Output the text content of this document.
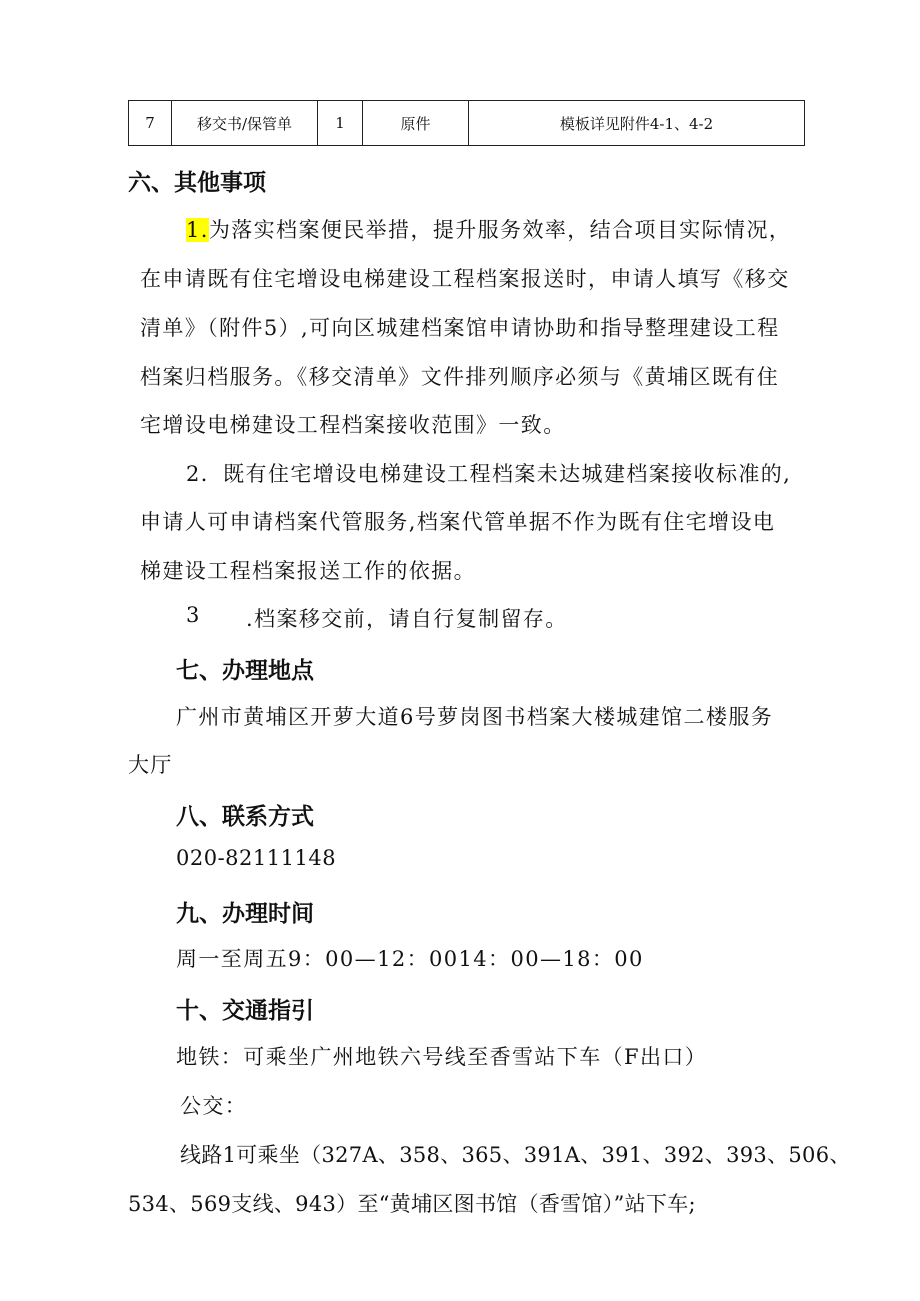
7	移交书/保管单	1	原件	模板详见附件4-1、4-2
六、其他事项

1.为落实档案便民举措，提升服务效率，结合项目实际情况，

在申请既有住宅增设电梯建设工程档案报送时，申请人填写《移交

清单》（附件5）,可向区城建档案馆申请协助和指导整理建设工程

档案归档服务。《移交清单》文件排列顺序必须与《黄埔区既有住

宅增设电梯建设工程档案接收范围》一致。

2．既有住宅增设电梯建设工程档案未达城建档案接收标准的,

申请人可申请档案代管服务,档案代管单据不作为既有住宅增设电

梯建设工程档案报送工作的依据。

3 .档案移交前，请自行复制留存。

七、办理地点

广州市黄埔区开萝大道6号萝岗图书档案大楼城建馆二楼服务

大厅

八、联系方式

020-82111148

九、办理时间

周一至周五9：00—12：0014：00—18：00

十、交通指引

地铁：可乘坐广州地铁六号线至香雪站下车（F出口）

公交：

线路1可乘坐（327A、358、365、391A、391、392、393、506、

534、569支线、943）至“黄埔区图书馆（香雪馆）”站下车;
